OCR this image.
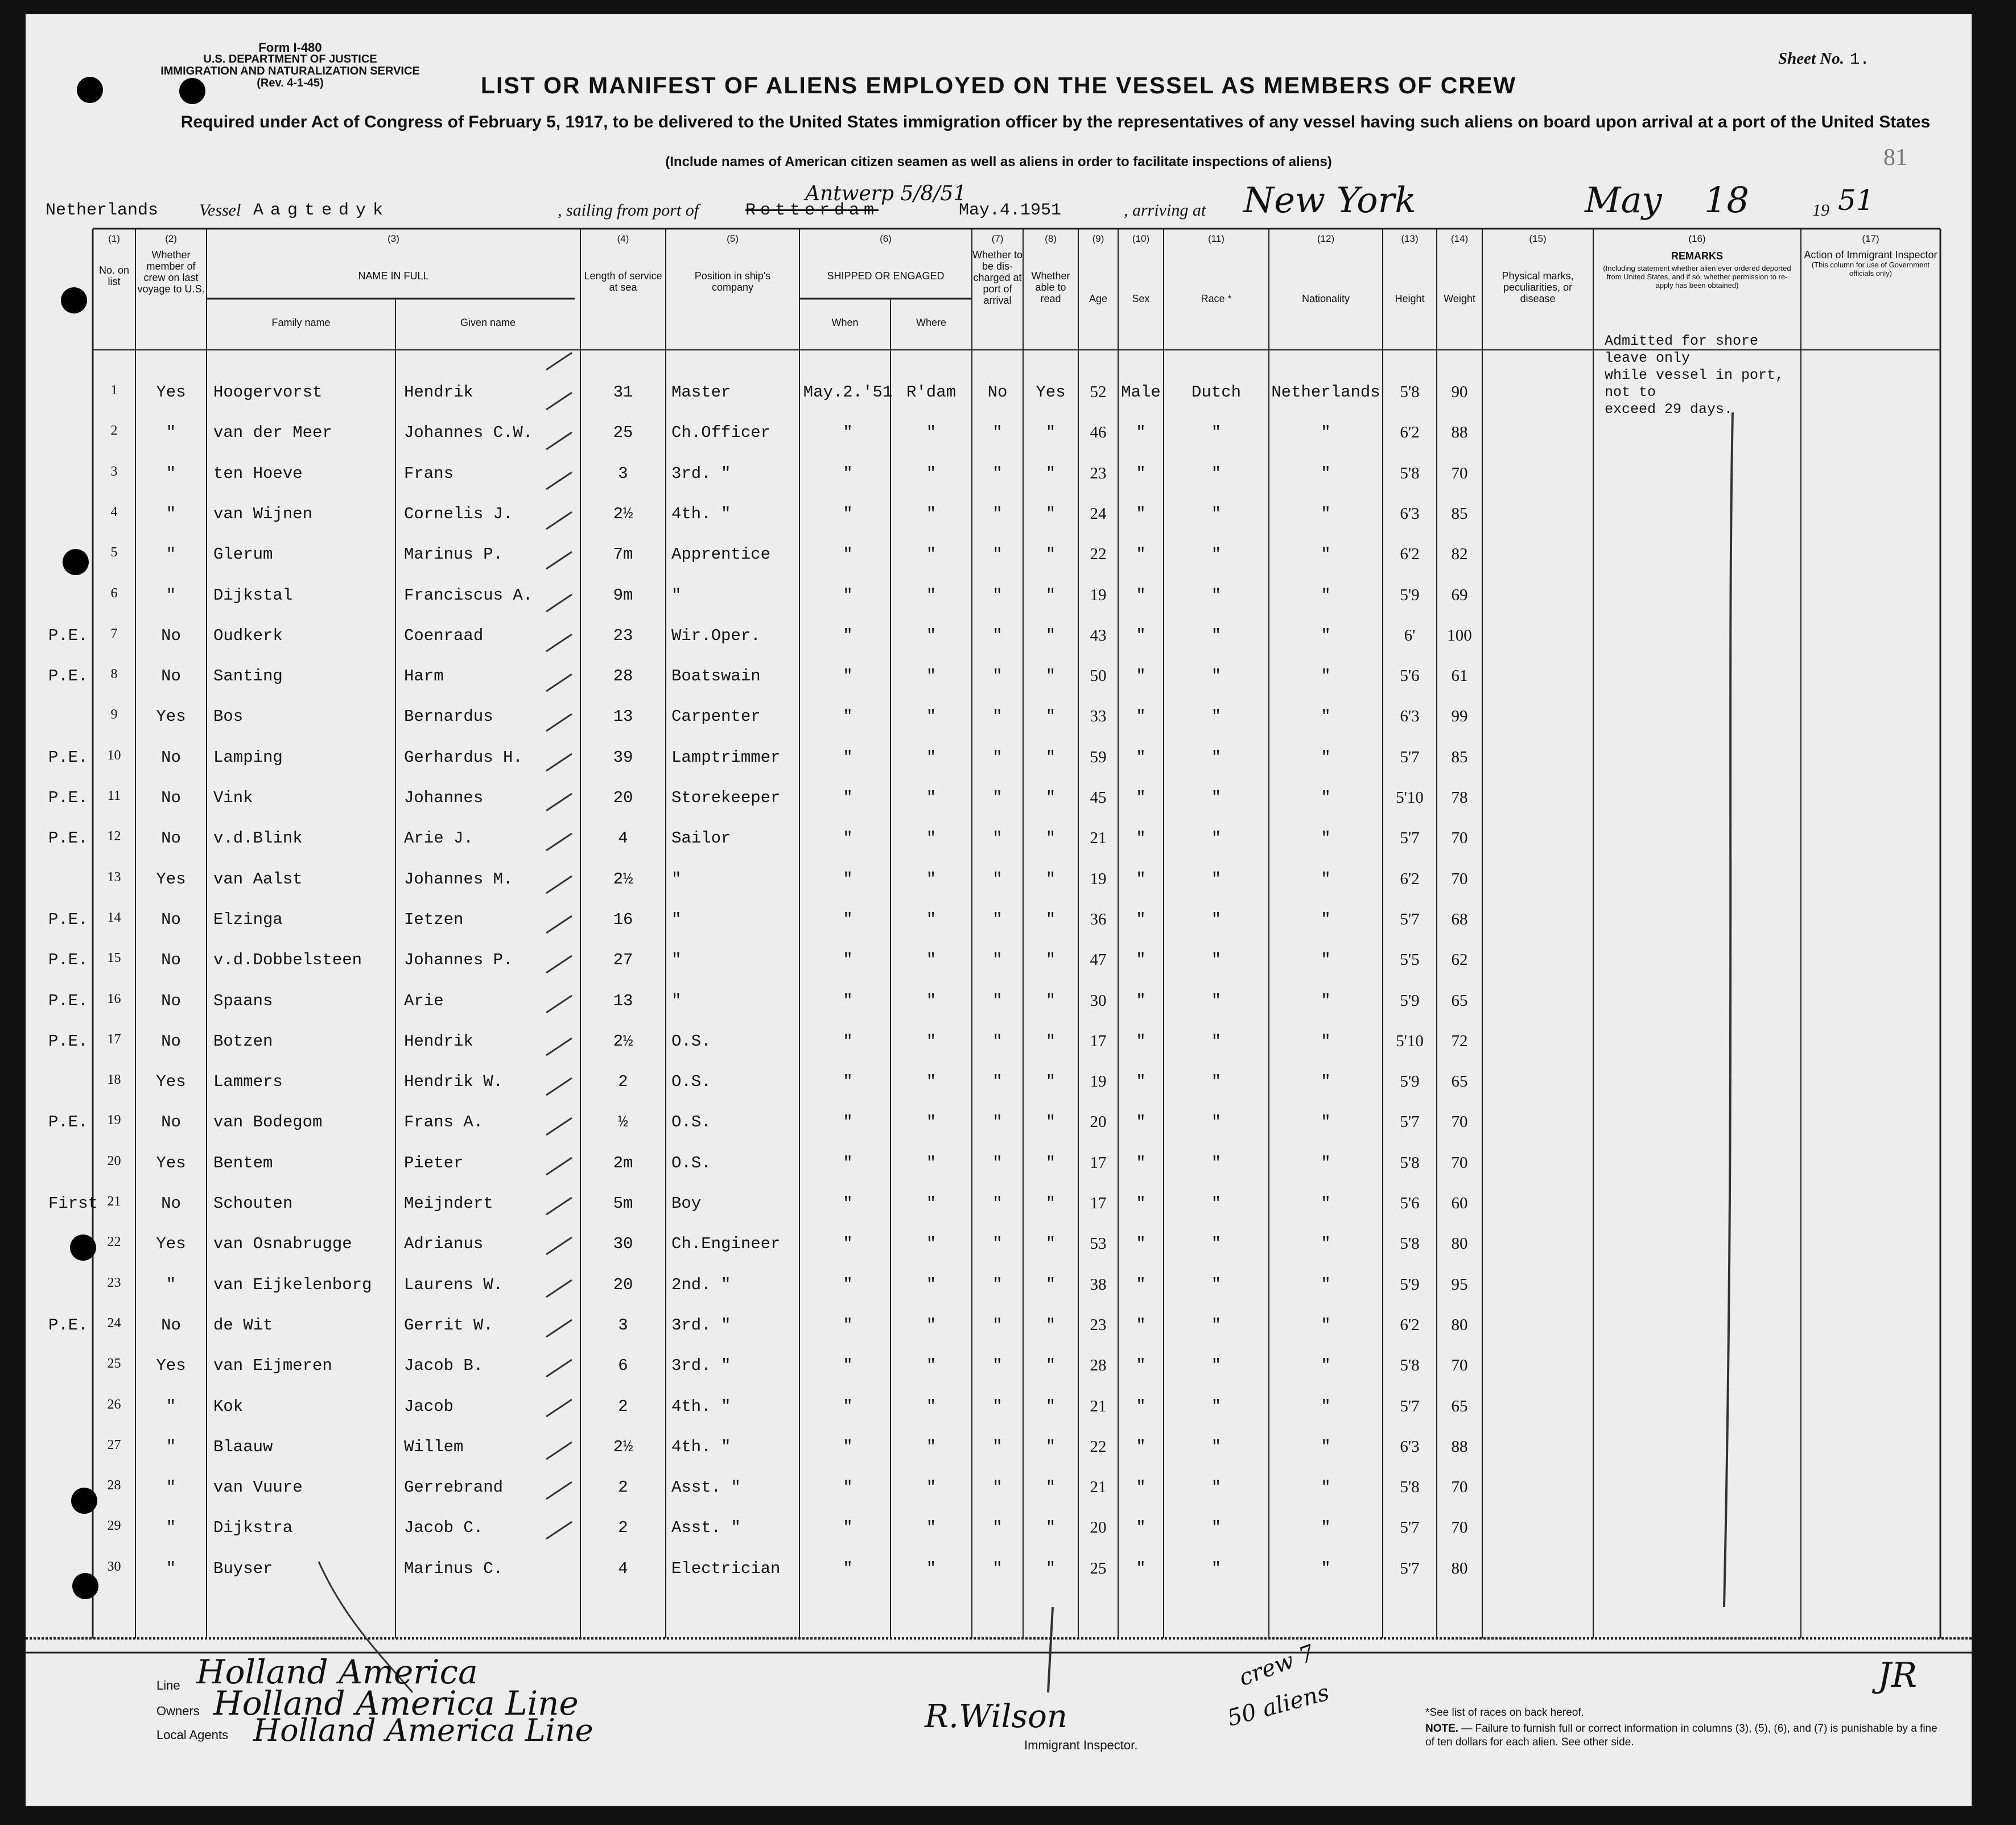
Form I-480
U.S. DEPARTMENT OF JUSTICE
IMMIGRATION AND NATURALIZATION SERVICE
(Rev. 4-1-45)
Sheet No. 1.
LIST OR MANIFEST OF ALIENS EMPLOYED ON THE VESSEL AS MEMBERS OF CREW
Required under Act of Congress of February 5, 1917, to be delivered to the United States immigration officer by the representatives of any vessel having such aliens on board upon arrival at a port of the United States
(Include names of American citizen seamen as well as aliens in order to facilitate inspections of aliens)	81
Netherlands Vessel Aagtedyk	, sailing from port of	Rotterdam	May.4.1951	, arriving at	19
Antwerp 5/8/51	New York	May 18	51
(1)
No. on list
(2)
Whether member of crew on last voyage to U.S.
(3)
NAME IN FULL
Family name	Given name
(4)
Length of service at sea
(5)
Position in ship's company
(6)
SHIPPED OR ENGAGED
When	Where
(7)
Whether to be dis-charged at port of arrival
(8)
Whether able to read
(9)
Age
(10)
Sex
(11)
Race *
(12)
Nationality
(13)
Height
(14)
Weight
(15)
Physical marks, peculiarities, or disease
(16)
REMARKS
(Including statement whether alien ever ordered deported from United States, and if so, whether permission to re-apply has been obtained)
(17)
Action of Immigrant Inspector
(This column for use of Government officials only)
Admitted for shore leave only
while vessel in port, not to
exceed 29 days.
1	Yes	Hoogervorst	Hendrik	31	Master	May.2.'51 R'dam	No	Yes	52 Male	Dutch	Netherlands	5'8	90
2	"	van der Meer	Johannes C.W.	25	Ch.Officer	"	"	"	"	46	"	"	"	6'2	88
3	"	ten Hoeve	Frans	3	3rd. "	"	"	"	"	23	"	"	"	5'8	70
4	"	van Wijnen	Cornelis J.	2½	4th. "	"	"	"	"	24	"	"	"	6'3	85
5	"	Glerum	Marinus P.	7m	Apprentice	"	"	"	"	22	"	"	"	6'2	82
6	"	Dijkstal	Franciscus A.	9m	"	"	"	"	"	19	"	"	"	5'9	69
P.E.	7	No	Oudkerk	Coenraad	23	Wir.Oper.	"	"	"	"	43	"	"	"	6'	100
P.E.	8	No	Santing	Harm	28	Boatswain	"	"	"	"	50	"	"	"	5'6	61
9	Yes	Bos	Bernardus	13	Carpenter	"	"	"	"	33	"	"	"	6'3	99
P.E.	10	No	Lamping	Gerhardus H.	39	Lamptrimmer	"	"	"	"	59	"	"	"	5'7	85
P.E.	11	No	Vink	Johannes	20	Storekeeper	"	"	"	"	45	"	"	"	5'10	78
P.E.	12	No	v.d.Blink	Arie J.	4	Sailor	"	"	"	"	21	"	"	"	5'7	70
13	Yes	van Aalst	Johannes M.	2½	"	"	"	"	"	19	"	"	"	6'2	70
P.E.	14	No	Elzinga	Ietzen	16	"	"	"	"	"	36	"	"	"	5'7	68
P.E.	15	No	v.d.Dobbelsteen	Johannes P.	27	"	"	"	"	"	47	"	"	"	5'5	62
P.E.	16	No	Spaans	Arie	13	"	"	"	"	"	30	"	"	"	5'9	65
P.E.	17	No	Botzen	Hendrik	2½	O.S.	"	"	"	"	17	"	"	"	5'10	72
18	Yes	Lammers	Hendrik W.	2	O.S.	"	"	"	"	19	"	"	"	5'9	65
P.E.	19	No	van Bodegom	Frans A.	½	O.S.	"	"	"	"	20	"	"	"	5'7	70
20	Yes	Bentem	Pieter	2m	O.S.	"	"	"	"	17	"	"	"	5'8	70
First 21	No	Schouten	Meijndert	5m	Boy	"	"	"	"	17	"	"	"	5'6	60
22	Yes	van Osnabrugge	Adrianus	30	Ch.Engineer	"	"	"	"	53	"	"	"	5'8	80
23	"	van Eijkelenborg	Laurens W.	20	2nd. "	"	"	"	"	38	"	"	"	5'9	95
P.E.	24	No	de Wit	Gerrit W.	3	3rd. "	"	"	"	"	23	"	"	"	6'2	80
25	Yes	van Eijmeren	Jacob B.	6	3rd. "	"	"	"	"	28	"	"	"	5'8	70
26	"	Kok	Jacob	2	4th. "	"	"	"	"	21	"	"	"	5'7	65
27	"	Blaauw	Willem	2½	4th. "	"	"	"	"	22	"	"	"	6'3	88
28	"	van Vuure	Gerrebrand	2	Asst. "	"	"	"	"	21	"	"	"	5'8	70
29	"	Dijkstra	Jacob C.	2	Asst. "	"	"	"	"	20	"	"	"	5'7	70
30	"	Buyser	Marinus C.	4	Electrician	"	"	"	"	25	"	"	"	5'7	80
Line
Owners
Local Agents
Holland America
Holland America Line
Holland America Line	R.Wilson
Immigrant Inspector.
crew 7
50 aliens	*See list of races on back hereof.
NOTE. — Failure to furnish full or correct information in columns (3), (5), (6), and (7) is punishable by a fine of ten dollars for each alien. See other side.
JR
